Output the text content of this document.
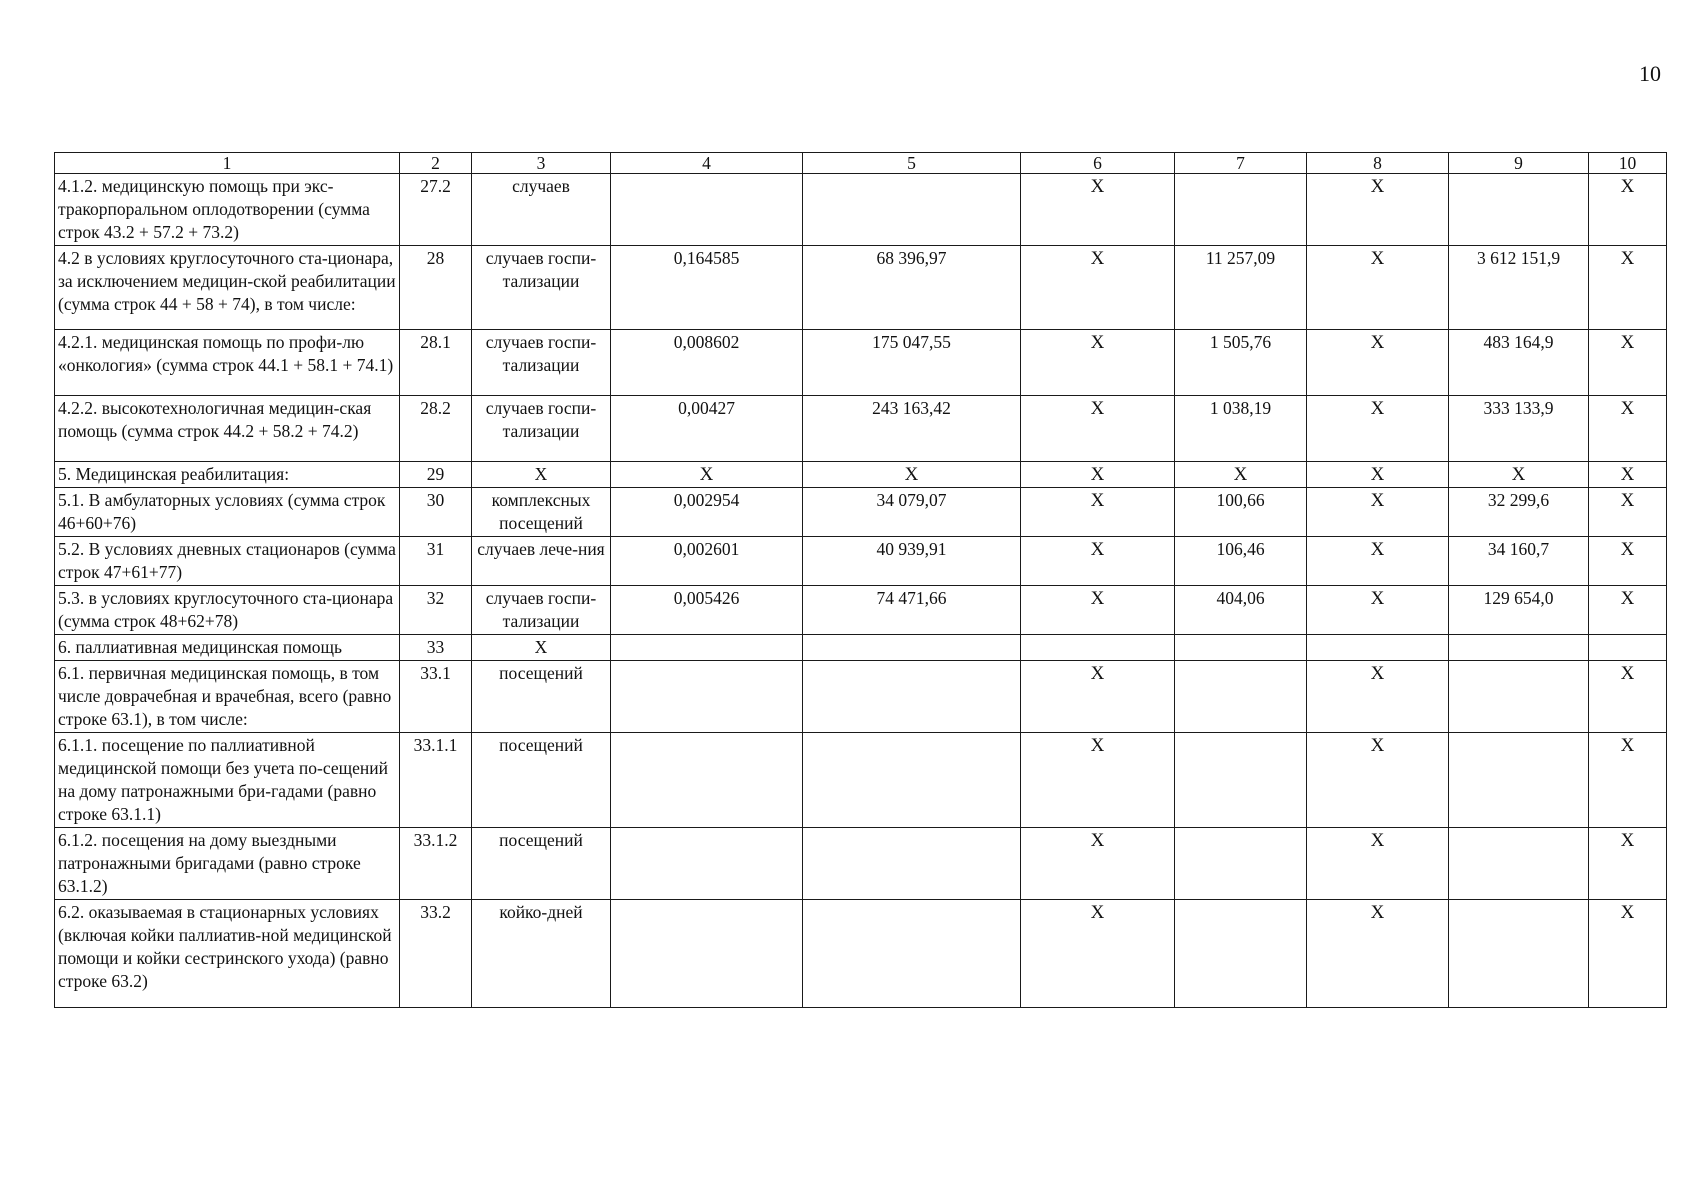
10
1	2	3	4	5	6	7	8	9	10
4.1.2. медицинскую помощь при экс-тракорпоральном оплодотворении (сумма строк 43.2 + 57.2 + 73.2)	27.2	случаев			X		X		X
4.2 в условиях круглосуточного ста-ционара, за исключением медицин-ской реабилитации (сумма строк 44 + 58 + 74), в том числе:	28	случаев госпи-тализации	0,164585	68 396,97	X	11 257,09	X	3 612 151,9	X
4.2.1. медицинская помощь по профи-лю «онкология» (сумма строк 44.1 + 58.1 + 74.1)	28.1	случаев госпи-тализации	0,008602	175 047,55	X	1 505,76	X	483 164,9	X
4.2.2. высокотехнологичная медицин-ская помощь (сумма строк 44.2 + 58.2 + 74.2)	28.2	случаев госпи-тализации	0,00427	243 163,42	X	1 038,19	X	333 133,9	X
5. Медицинская реабилитация:	29	X	X	X	X	X	X	X	X
5.1. В амбулаторных условиях (сумма строк 46+60+76)	30	комплексных посещений	0,002954	34 079,07	X	100,66	X	32 299,6	X
5.2. В условиях дневных стационаров (сумма строк 47+61+77)	31	случаев лече-ния	0,002601	40 939,91	X	106,46	X	34 160,7	X
5.3. в условиях круглосуточного ста-ционара (сумма строк 48+62+78)	32	случаев госпи-тализации	0,005426	74 471,66	X	404,06	X	129 654,0	X
6. паллиативная медицинская помощь	33	X							
6.1. первичная медицинская помощь, в том числе доврачебная и врачебная, всего (равно строке 63.1), в том числе:	33.1	посещений			X		X		X
6.1.1. посещение по паллиативной медицинской помощи без учета по-сещений на дому патронажными бри-гадами (равно строке 63.1.1)	33.1.1	посещений			X		X		X
6.1.2. посещения на дому выездными патронажными бригадами (равно строке 63.1.2)	33.1.2	посещений			X		X		X
6.2. оказываемая в стационарных условиях (включая койки паллиатив-ной медицинской помощи и койки сестринского ухода) (равно строке 63.2)	33.2	койко-дней			X		X		X
